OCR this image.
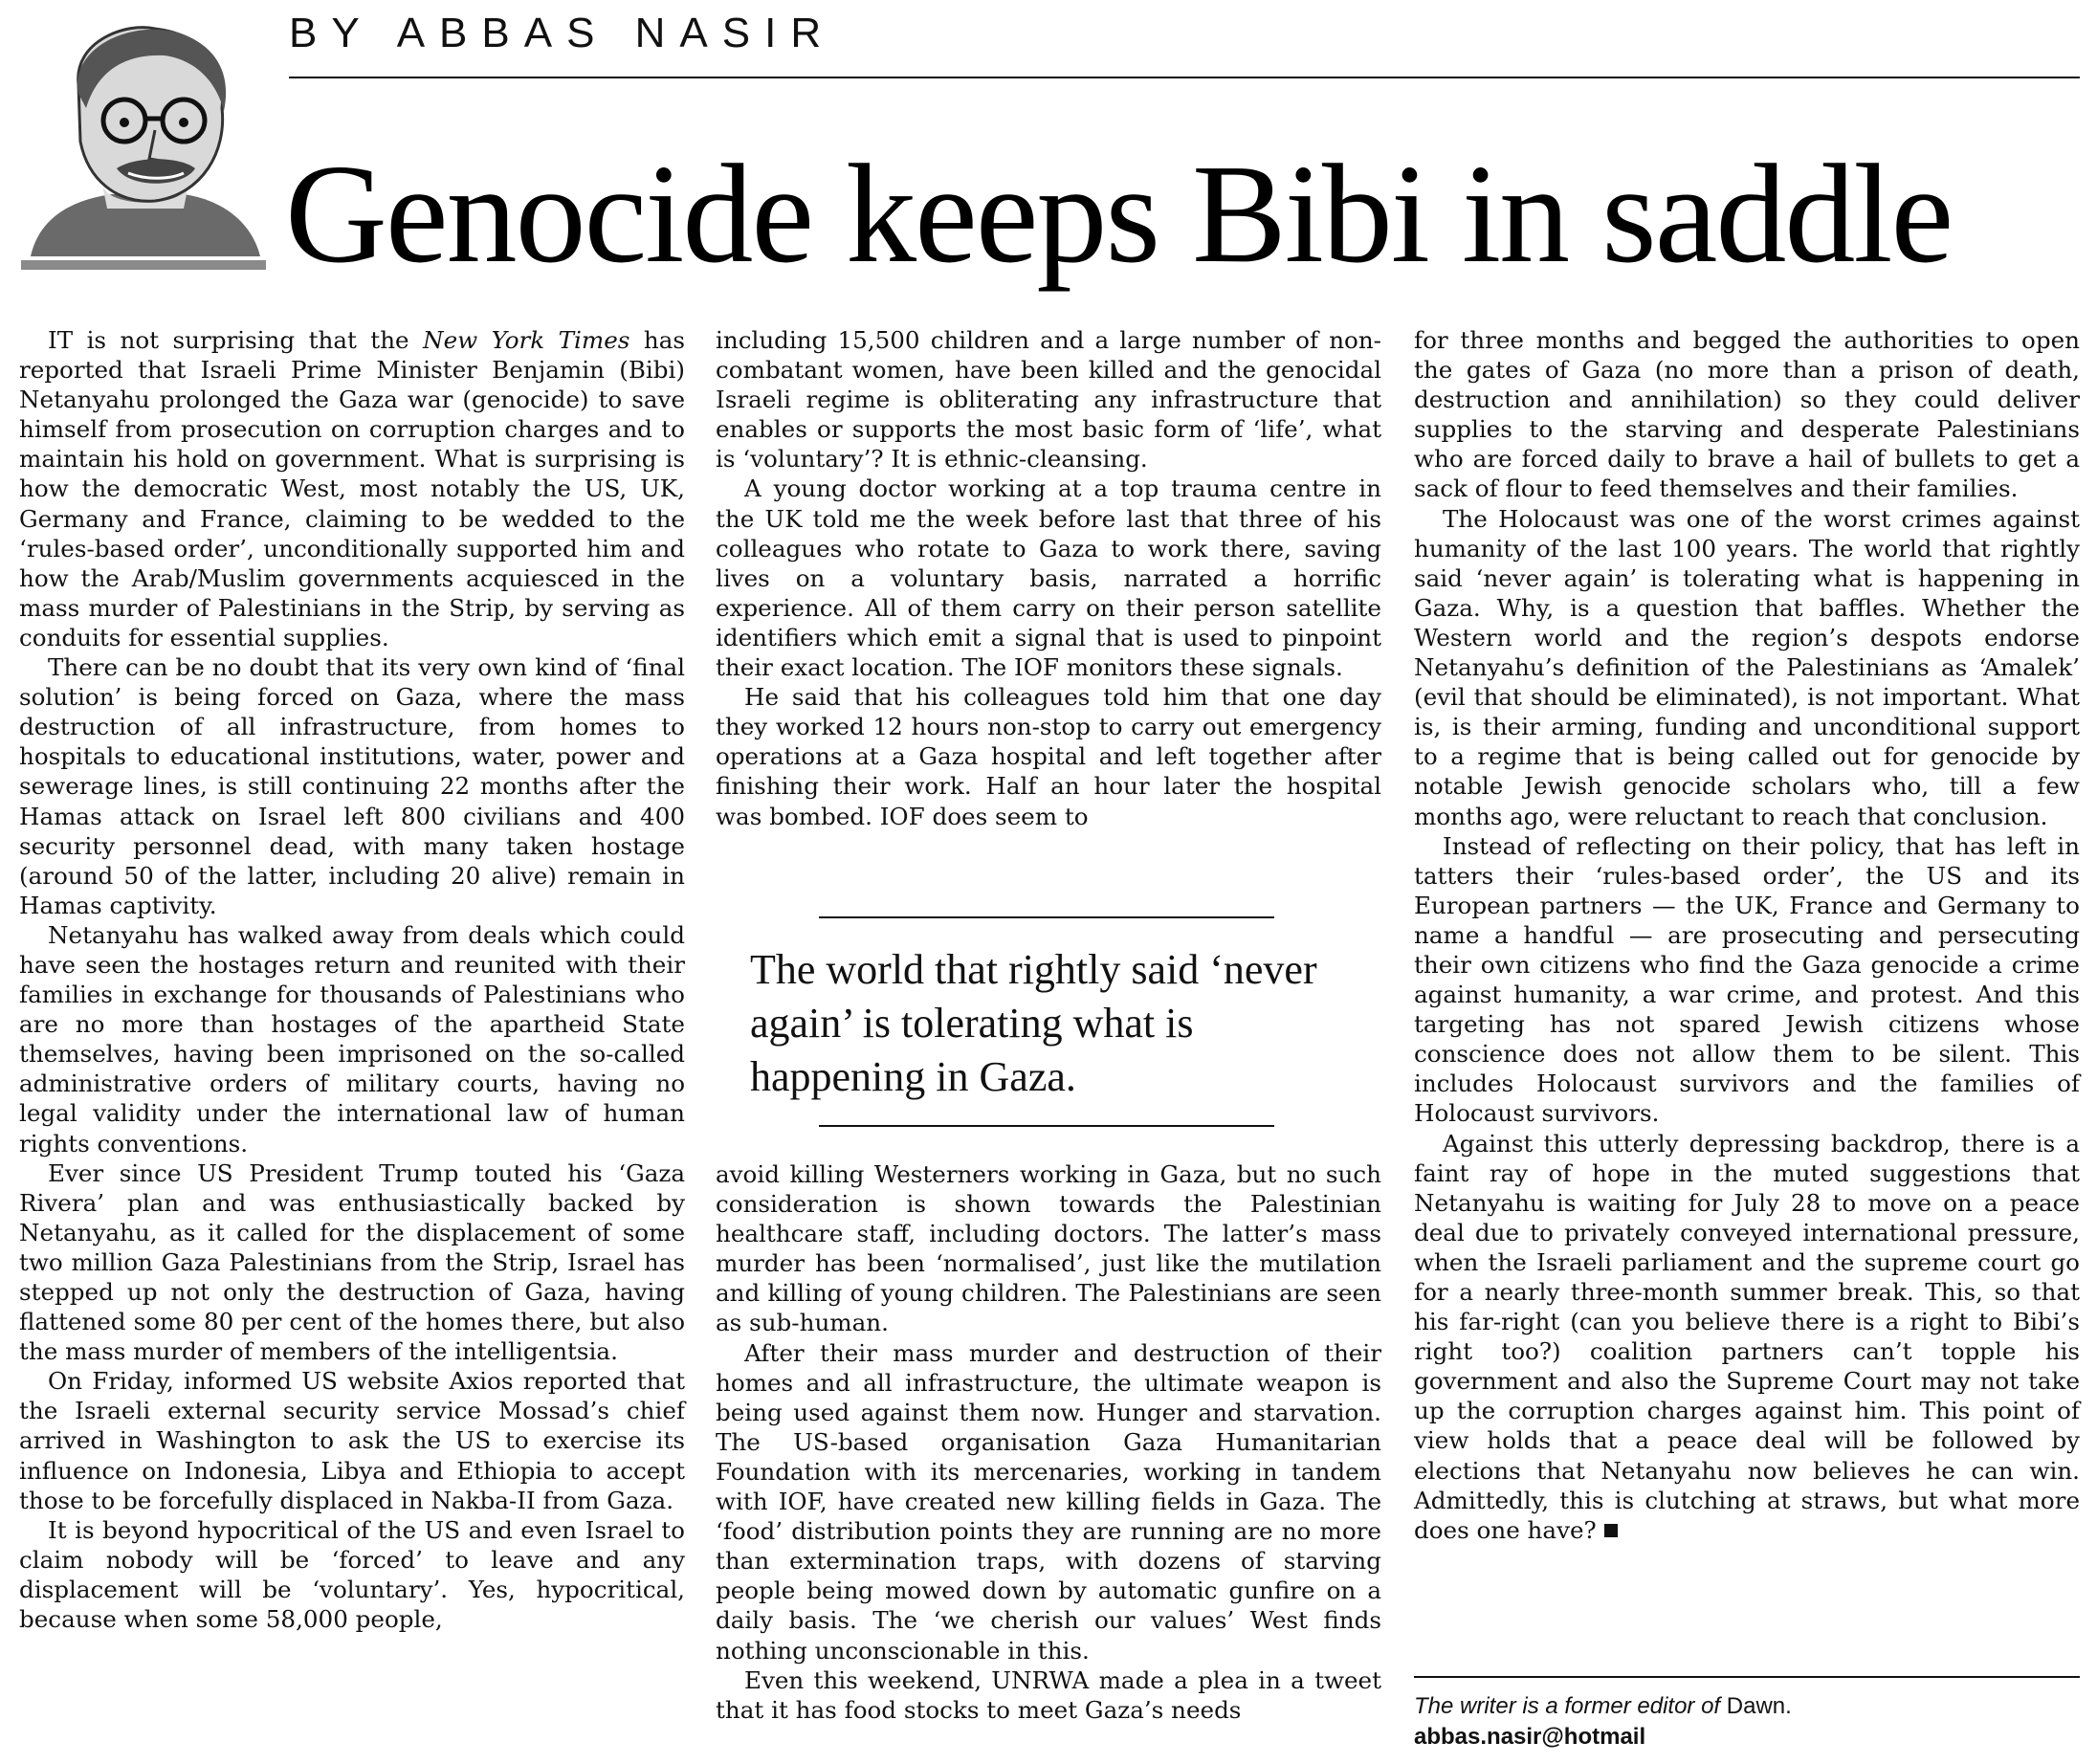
BY ABBAS NASIR
Genocide keeps Bibi in saddle

IT is not surprising that the New York Times has reported that Israeli Prime Minister Benjamin (Bibi) Netanyahu prolonged the Gaza war (genocide) to save himself from prosecution on corruption charges and to maintain his hold on government. What is surprising is how the democratic West, most notably the US, UK, Germany and France, claiming to be wedded to the ‘rules-based order’, unconditionally supported him and how the Arab/Muslim governments acquiesced in the mass murder of Palestinians in the Strip, by serving as conduits for essential supplies.

There can be no doubt that its very own kind of ‘final solution’ is being forced on Gaza, where the mass destruction of all infrastructure, from homes to hospitals to educational institutions, water, power and sewerage lines, is still continuing 22 months after the Hamas attack on Israel left 800 civilians and 400 security personnel dead, with many taken hostage (around 50 of the latter, including 20 alive) remain in Hamas captivity.

Netanyahu has walked away from deals which could have seen the hostages return and reunited with their families in exchange for thousands of Palestinians who are no more than hostages of the apartheid State themselves, having been imprisoned on the so-called administrative orders of military courts, having no legal validity under the international law of human rights conventions.

Ever since US President Trump touted his ‘Gaza Rivera’ plan and was enthusiastically backed by Netanyahu, as it called for the displacement of some two million Gaza Palestinians from the Strip, Israel has stepped up not only the destruction of Gaza, having flattened some 80 per cent of the homes there, but also the mass murder of members of the intelligentsia.

On Friday, informed US website Axios reported that the Israeli external security service Mossad’s chief arrived in Washington to ask the US to exercise its influence on Indonesia, Libya and Ethiopia to accept those to be forcefully displaced in Nakba-II from Gaza.

It is beyond hypocritical of the US and even Israel to claim nobody will be ‘forced’ to leave and any displacement will be ‘voluntary’. Yes, hypocritical, because when some 58,000 people,

including 15,500 children and a large number of non-combatant women, have been killed and the genocidal Israeli regime is obliterating any infrastructure that enables or supports the most basic form of ‘life’, what is ‘voluntary’? It is ethnic-cleansing.

A young doctor working at a top trauma centre in the UK told me the week before last that three of his colleagues who rotate to Gaza to work there, saving lives on a voluntary basis, narrated a horrific experience. All of them carry on their person satellite identifiers which emit a signal that is used to pinpoint their exact location. The IOF monitors these signals.

He said that his colleagues told him that one day they worked 12 hours non-stop to carry out emergency operations at a Gaza hospital and left together after finishing their work. Half an hour later the hospital was bombed. IOF does seem to

The world that rightly said ‘never again’ is tolerating what is happening in Gaza.

avoid killing Westerners working in Gaza, but no such consideration is shown towards the Palestinian healthcare staff, including doctors. The latter’s mass murder has been ‘normalised’, just like the mutilation and killing of young children. The Palestinians are seen as sub-human.

After their mass murder and destruction of their homes and all infrastructure, the ultimate weapon is being used against them now. Hunger and starvation. The US-based organisation Gaza Humanitarian Foundation with its mercenaries, working in tandem with IOF, have created new killing fields in Gaza. The ‘food’ distribution points they are running are no more than extermination traps, with dozens of starving people being mowed down by automatic gunfire on a daily basis. The ‘we cherish our values’ West finds nothing unconscionable in this.

Even this weekend, UNRWA made a plea in a tweet that it has food stocks to meet Gaza’s needs

for three months and begged the authorities to open the gates of Gaza (no more than a prison of death, destruction and annihilation) so they could deliver supplies to the starving and desperate Palestinians who are forced daily to brave a hail of bullets to get a sack of flour to feed themselves and their families.

The Holocaust was one of the worst crimes against humanity of the last 100 years. The world that rightly said ‘never again’ is tolerating what is happening in Gaza. Why, is a question that baffles. Whether the Western world and the region’s despots endorse Netanyahu’s definition of the Palestinians as ‘Amalek’ (evil that should be eliminated), is not important. What is, is their arming, funding and unconditional support to a regime that is being called out for genocide by notable Jewish genocide scholars who, till a few months ago, were reluctant to reach that conclusion.

Instead of reflecting on their policy, that has left in tatters their ‘rules-based order’, the US and its European partners — the UK, France and Germany to name a handful — are prosecuting and persecuting their own citizens who find the Gaza genocide a crime against humanity, a war crime, and protest. And this targeting has not spared Jewish citizens whose conscience does not allow them to be silent. This includes Holocaust survivors and the families of Holocaust survivors.

Against this utterly depressing backdrop, there is a faint ray of hope in the muted suggestions that Netanyahu is waiting for July 28 to move on a peace deal due to privately conveyed international pressure, when the Israeli parliament and the supreme court go for a nearly three-month summer break. This, so that his far-right (can you believe there is a right to Bibi’s right too?) coalition partners can’t topple his government and also the Supreme Court may not take up the corruption charges against him. This point of view holds that a peace deal will be followed by elections that Netanyahu now believes he can win. Admittedly, this is clutching at straws, but what more does one have?

The writer is a former editor of Dawn.
abbas.nasir@hotmail
